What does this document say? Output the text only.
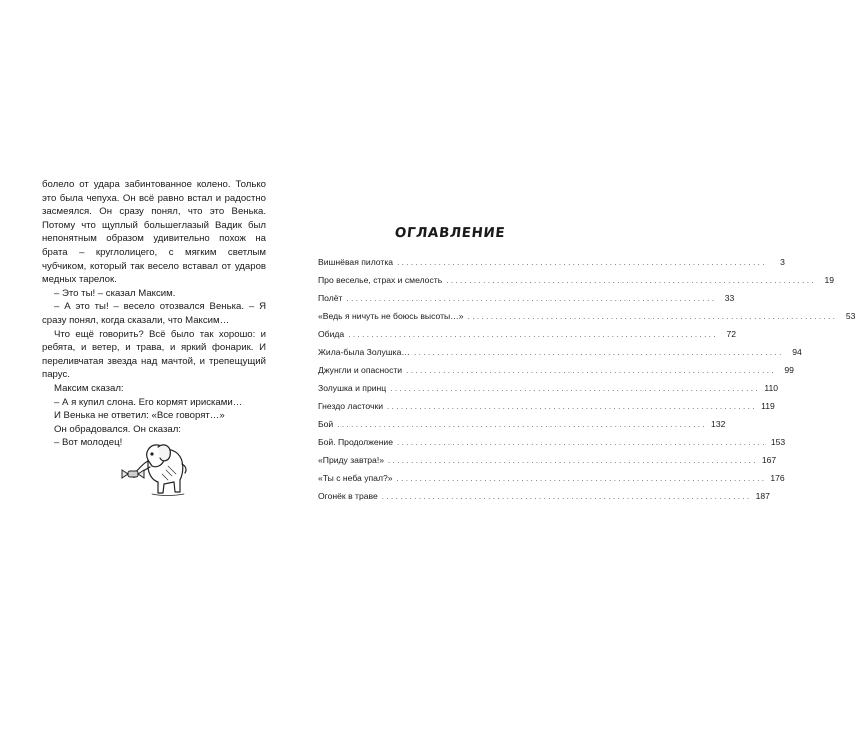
болело от удара забинтованное колено. Только это была чепуха. Он всё равно встал и радостно засмеялся. Он сразу понял, что это Венька. Потому что щуплый большеглазый Вадик был непонятным образом удивительно похож на брата – круглолицего, с мягким светлым чубчиком, который так весело вставал от ударов медных тарелок.

– Это ты! – сказал Максим.

– А это ты! – весело отозвался Венька. – Я сразу понял, когда сказали, что Максим…

Что ещё говорить? Всё было так хорошо: и ребята, и ветер, и трава, и яркий фонарик. И переливчатая звезда над мачтой, и трепещущий парус.

Максим сказал:

– А я купил слона. Его кормят ирисками…

И Венька не ответил: «Все говорят…»

Он обрадовался. Он сказал:

– Вот молодец!

ОГЛАВЛЕНИЕ
Вишнёвая пилотка ................................................................................	3
Про веселье, страх и смелость ................................................................................ 19
Полёт ................................................................................ 33
«Ведь я ничуть не боюсь высоты…» ................................................................................ 53
Обида ................................................................................ 72
Жила-была Золушка… ................................................................................ 94
Джунгли и опасности ................................................................................ 99
Золушка и принц ................................................................................ 110
Гнездо ласточки ................................................................................ 119
Бой ................................................................................ 132
Бой. Продолжение ................................................................................ 153
«Приду завтра!» ................................................................................ 167
«Ты с неба упал?» ................................................................................ 176
Огонёк в траве ................................................................................ 187
